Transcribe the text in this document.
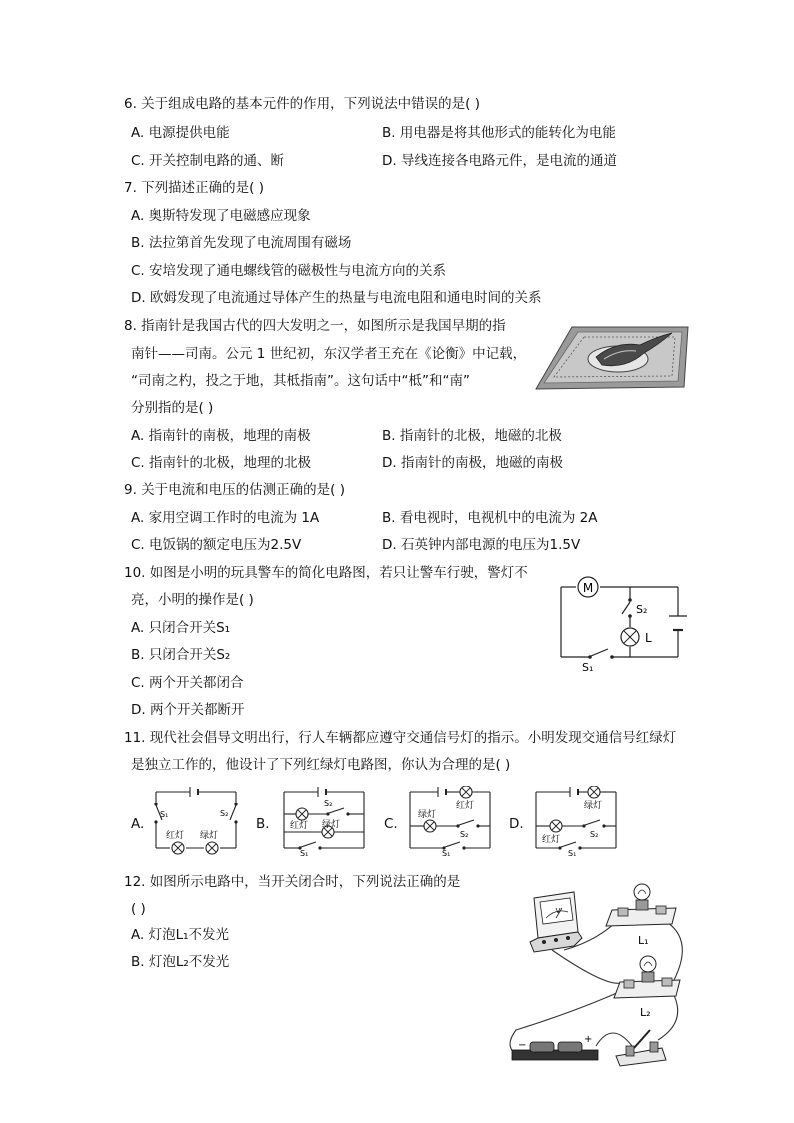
6. 关于组成电路的基本元件的作用，下列说法中错误的是( )
A. 电源提供电能	B. 用电器是将其他形式的能转化为电能
C. 开关控制电路的通、断	D. 导线连接各电路元件，是电流的通道
7. 下列描述正确的是( )
A. 奥斯特发现了电磁感应现象
B. 法拉第首先发现了电流周围有磁场
C. 安培发现了通电螺线管的磁极性与电流方向的关系
D. 欧姆发现了电流通过导体产生的热量与电流电阻和通电时间的关系
8. 指南针是我国古代的四大发明之一，如图所示是我国早期的指
南针——司南。公元 1 世纪初，东汉学者王充在《论衡》中记载，
“司南之杓，投之于地，其柢指南”。这句话中“柢”和“南”
分别指的是( )
A. 指南针的南极，地理的南极	B. 指南针的北极，地磁的北极
C. 指南针的北极，地理的北极	D. 指南针的南极，地磁的南极
9. 关于电流和电压的估测正确的是( )
A. 家用空调工作时的电流为 1A	B. 看电视时，电视机中的电流为 2A
C. 电饭锅的额定电压为2.5V	D. 石英钟内部电源的电压为1.5V
10. 如图是小明的玩具警车的简化电路图，若只让警车行驶，警灯不
亮，小明的操作是( )
A. 只闭合开关S₁
B. 只闭合开关S₂
C. 两个开关都闭合
D. 两个开关都断开
M
S₂
L
S₁
11. 现代社会倡导文明出行，行人车辆都应遵守交通信号灯的指示。小明发现交通信号红绿灯
是独立工作的，他设计了下列红绿灯电路图，你认为合理的是( )
A.	B.	C.	D.
S₁	S₂
红灯 绿灯
S₂
红灯 绿灯
S₁
红灯
绿灯
S₂
S₁
绿灯
红灯
S₂
S₁
12. 如图所示电路中，当开关闭合时，下列说法正确的是
( )
A. 灯泡L₁不发光
B. 灯泡L₂不发光
V
L₁
L₂
−
+
